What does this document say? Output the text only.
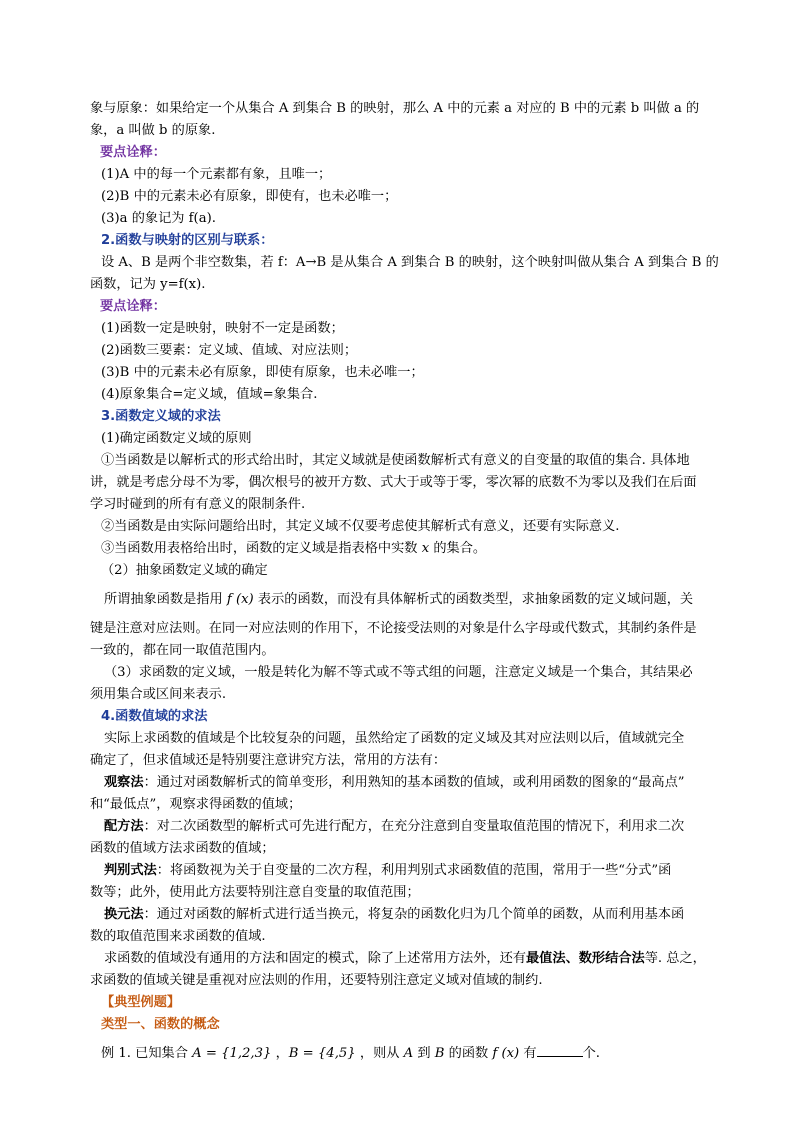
象与原象：如果给定一个从集合 A 到集合 B 的映射，那么 A 中的元素 a 对应的 B 中的元素 b 叫做 a 的

象，a 叫做 b 的原象.

要点诠释：

(1)A 中的每一个元素都有象，且唯一；

(2)B 中的元素未必有原象，即使有，也未必唯一；

(3)a 的象记为 f(a).

2.函数与映射的区别与联系：

设 A、B 是两个非空数集，若 f：A→B 是从集合 A 到集合 B 的映射，这个映射叫做从集合 A 到集合 B 的

函数，记为 y=f(x).

要点诠释：

(1)函数一定是映射，映射不一定是函数；

(2)函数三要素：定义域、值域、对应法则；

(3)B 中的元素未必有原象，即使有原象，也未必唯一；

(4)原象集合=定义域，值域=象集合.

3.函数定义域的求法

(1)确定函数定义域的原则

①当函数是以解析式的形式给出时，其定义域就是使函数解析式有意义的自变量的取值的集合. 具体地

讲，就是考虑分母不为零，偶次根号的被开方数、式大于或等于零，零次幂的底数不为零以及我们在后面

学习时碰到的所有有意义的限制条件.

②当函数是由实际问题给出时，其定义域不仅要考虑使其解析式有意义，还要有实际意义.

③当函数用表格给出时，函数的定义域是指表格中实数 x 的集合。

（2）抽象函数定义域的确定

所谓抽象函数是指用 f (x) 表示的函数，而没有具体解析式的函数类型，求抽象函数的定义域问题，关

键是注意对应法则。在同一对应法则的作用下，不论接受法则的对象是什么字母或代数式，其制约条件是

一致的，都在同一取值范围内。

（3）求函数的定义域，一般是转化为解不等式或不等式组的问题，注意定义域是一个集合，其结果必

须用集合或区间来表示.

4.函数值域的求法

实际上求函数的值域是个比较复杂的问题，虽然给定了函数的定义域及其对应法则以后，值域就完全

确定了，但求值域还是特别要注意讲究方法，常用的方法有：

观察法：通过对函数解析式的简单变形，利用熟知的基本函数的值域，或利用函数的图象的“最高点”

和“最低点”，观察求得函数的值域；

配方法：对二次函数型的解析式可先进行配方，在充分注意到自变量取值范围的情况下，利用求二次

函数的值域方法求函数的值域；

判别式法：将函数视为关于自变量的二次方程，利用判别式求函数值的范围，常用于一些“分式”函

数等；此外，使用此方法要特别注意自变量的取值范围；

换元法：通过对函数的解析式进行适当换元，将复杂的函数化归为几个简单的函数，从而利用基本函

数的取值范围来求函数的值域.

求函数的值域没有通用的方法和固定的模式，除了上述常用方法外，还有最值法、数形结合法等. 总之，

求函数的值域关键是重视对应法则的作用，还要特别注意定义域对值域的制约.

【典型例题】

类型一、函数的概念

例 1. 已知集合 A = {1,2,3} ，B = {4,5} ，则从 A 到 B 的函数 f (x) 有	个.
